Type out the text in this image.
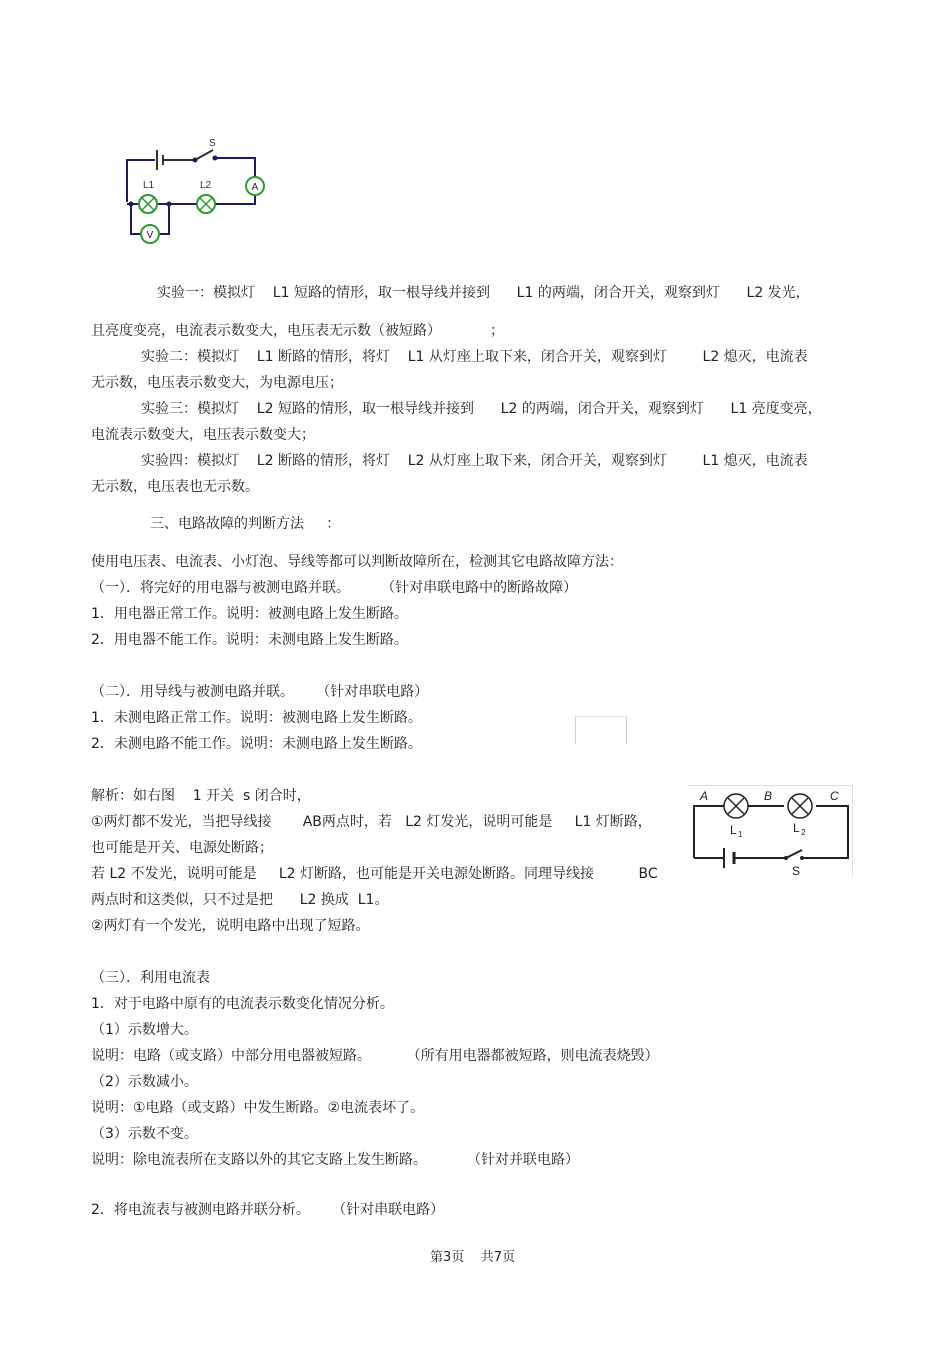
A
V
S
L1	L2
A	B	C
L 1	L 2
S
实验一：模拟灯    L1 短路的情形，取一根导线并接到      L1 的两端，闭合开关，观察到灯      L2 发光，
且亮度变亮，电流表示数变大，电压表无示数（被短路）           ；
实验二：模拟灯    L1 断路的情形，将灯    L1 从灯座上取下来，闭合开关，观察到灯        L2 熄灭，电流表
无示数，电压表示数变大，为电源电压；
实验三：模拟灯    L2 短路的情形，取一根导线并接到      L2 的两端，闭合开关，观察到灯      L1 亮度变亮，
电流表示数变大，电压表示数变大；
实验四：模拟灯    L2 断路的情形，将灯    L2 从灯座上取下来，闭合开关，观察到灯        L1 熄灭，电流表
无示数，电压表也无示数。
三、电路故障的判断方法     ：
使用电压表、电流表、小灯泡、导线等都可以判断故障所在，检测其它电路故障方法：
（一）．将完好的用电器与被测电路并联。       （针对串联电路中的断路故障）
1．用电器正常工作。说明：被测电路上发生断路。
2．用电器不能工作。说明：未测电路上发生断路。
（二）．用导线与被测电路并联。     （针对串联电路）
1．未测电路正常工作。说明：被测电路上发生断路。
2．未测电路不能工作。说明：未测电路上发生断路。
解析：如右图    1 开关  s 闭合时，
①两灯都不发光，当把导线接       AB两点时，若   L2 灯发光，说明可能是     L1 灯断路，
也可能是开关、电源处断路；
若 L2 不发光，说明可能是     L2 灯断路，也可能是开关电源处断路。同理导线接          BC
两点时和这类似，只不过是把      L2 换成  L1。
②两灯有一个发光，说明电路中出现了短路。
（三）．利用电流表
1．对于电路中原有的电流表示数变化情况分析。
（1）示数增大。
说明：电路（或支路）中部分用电器被短路。        （所有用电器都被短路，则电流表烧毁）
（2）示数减小。
说明：①电路（或支路）中发生断路。②电流表坏了。
（3）示数不变。
说明：除电流表所在支路以外的其它支路上发生断路。         （针对并联电路）
2．将电流表与被测电路并联分析。     （针对串联电路）
第3页    共7页
